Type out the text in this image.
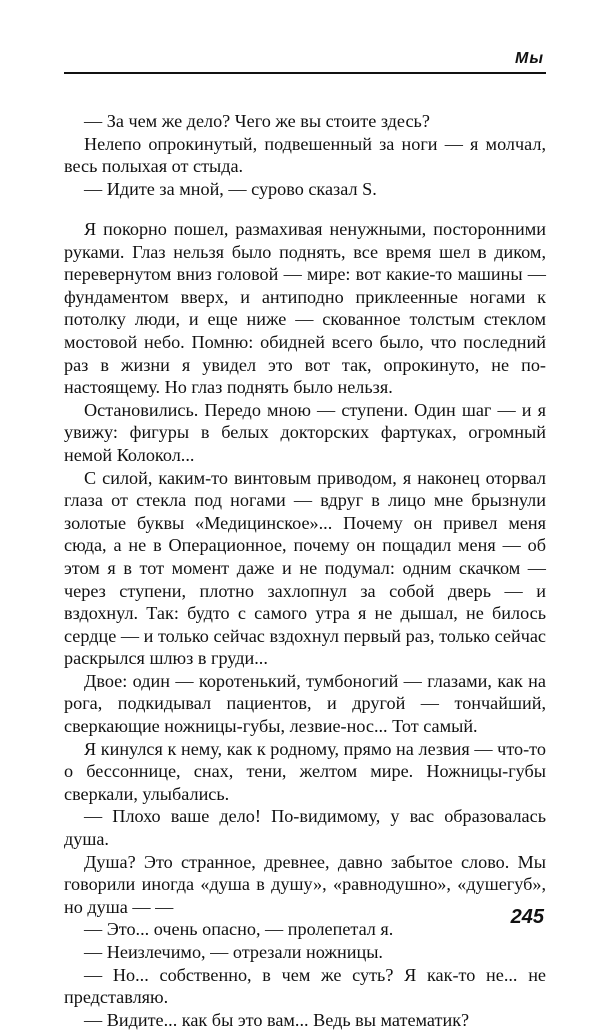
Мы

— За чем же дело? Чего же вы стоите здесь?

Нелепо опрокинутый, подвешенный за ноги — я молчал, весь полыхая от стыда.

— Идите за мной, — сурово сказал S.

Я покорно пошел, размахивая ненужными, посторонними руками. Глаз нельзя было поднять, все время шел в диком, перевернутом вниз головой — мире: вот какие-то машины — фундаментом вверх, и антиподно приклеенные ногами к потолку люди, и еще ниже — скованное толстым стеклом мостовой небо. Помню: обидней всего было, что последний раз в жизни я увидел это вот так, опрокинуто, не по-настоящему. Но глаз поднять было нельзя.

Остановились. Передо мною — ступени. Один шаг — и я увижу: фигуры в белых докторских фартуках, огромный немой Колокол...

С силой, каким-то винтовым приводом, я наконец оторвал глаза от стекла под ногами — вдруг в лицо мне брызнули золотые буквы «Медицинское»... Почему он привел меня сюда, а не в Операционное, почему он пощадил меня — об этом я в тот момент даже и не подумал: одним скачком — через ступени, плотно захлопнул за собой дверь — и вздохнул. Так: будто с самого утра я не дышал, не билось сердце — и только сейчас вздохнул первый раз, только сейчас раскрылся шлюз в груди...

Двое: один — коротенький, тумбоногий — глазами, как на рога, подкидывал пациентов, и другой — тончайший, сверкающие ножницы-губы, лезвие-нос... Тот самый.

Я кинулся к нему, как к родному, прямо на лезвия — что-то о бессоннице, снах, тени, желтом мире. Ножницы-губы сверкали, улыбались.

— Плохо ваше дело! По-видимому, у вас образовалась душа.

Душа? Это странное, древнее, давно забытое слово. Мы говорили иногда «душа в душу», «равнодушно», «душегуб», но душа — —

— Это... очень опасно, — пролепетал я.

— Неизлечимо, — отрезали ножницы.

— Но... собственно, в чем же суть? Я как-то не... не представляю.

— Видите... как бы это вам... Ведь вы математик?

245
